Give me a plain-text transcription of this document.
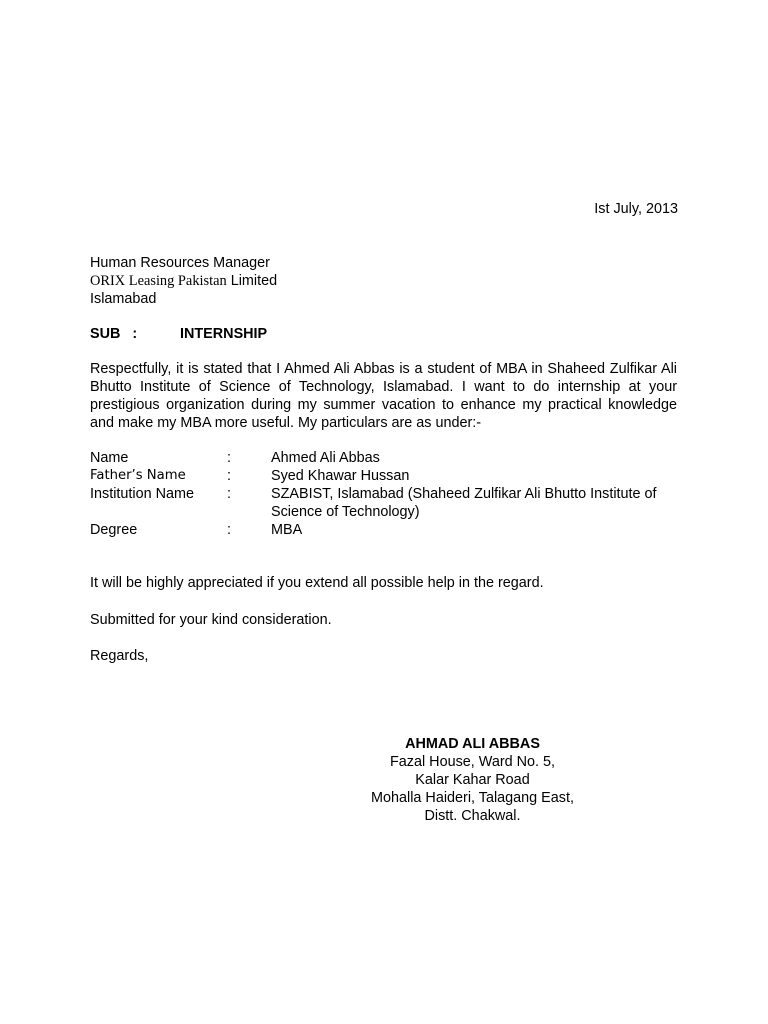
Ist July, 2013

Human Resources Manager
ORIX Leasing Pakistan Limited
Islamabad

SUB   :	INTERNSHIP

Respectfully, it is stated that I Ahmed Ali Abbas is a student of MBA in Shaheed Zulfikar Ali Bhutto Institute of Science of Technology, Islamabad. I want to do internship at your prestigious organization during my summer vacation to enhance my practical knowledge and make my MBA more useful. My particulars are as under:-

Name	:	Ahmed Ali Abbas
Father’s Name	:	Syed Khawar Hussan
Institution Name	:	SZABIST, Islamabad (Shaheed Zulfikar Ali Bhutto Institute of Science of Technology)
Degree	:	MBA

It will be highly appreciated if you extend all possible help in the regard.

Submitted for your kind consideration.

Regards,

AHMAD ALI ABBAS
Fazal House, Ward No. 5,
Kalar Kahar Road
Mohalla Haideri, Talagang East,
Distt. Chakwal.
